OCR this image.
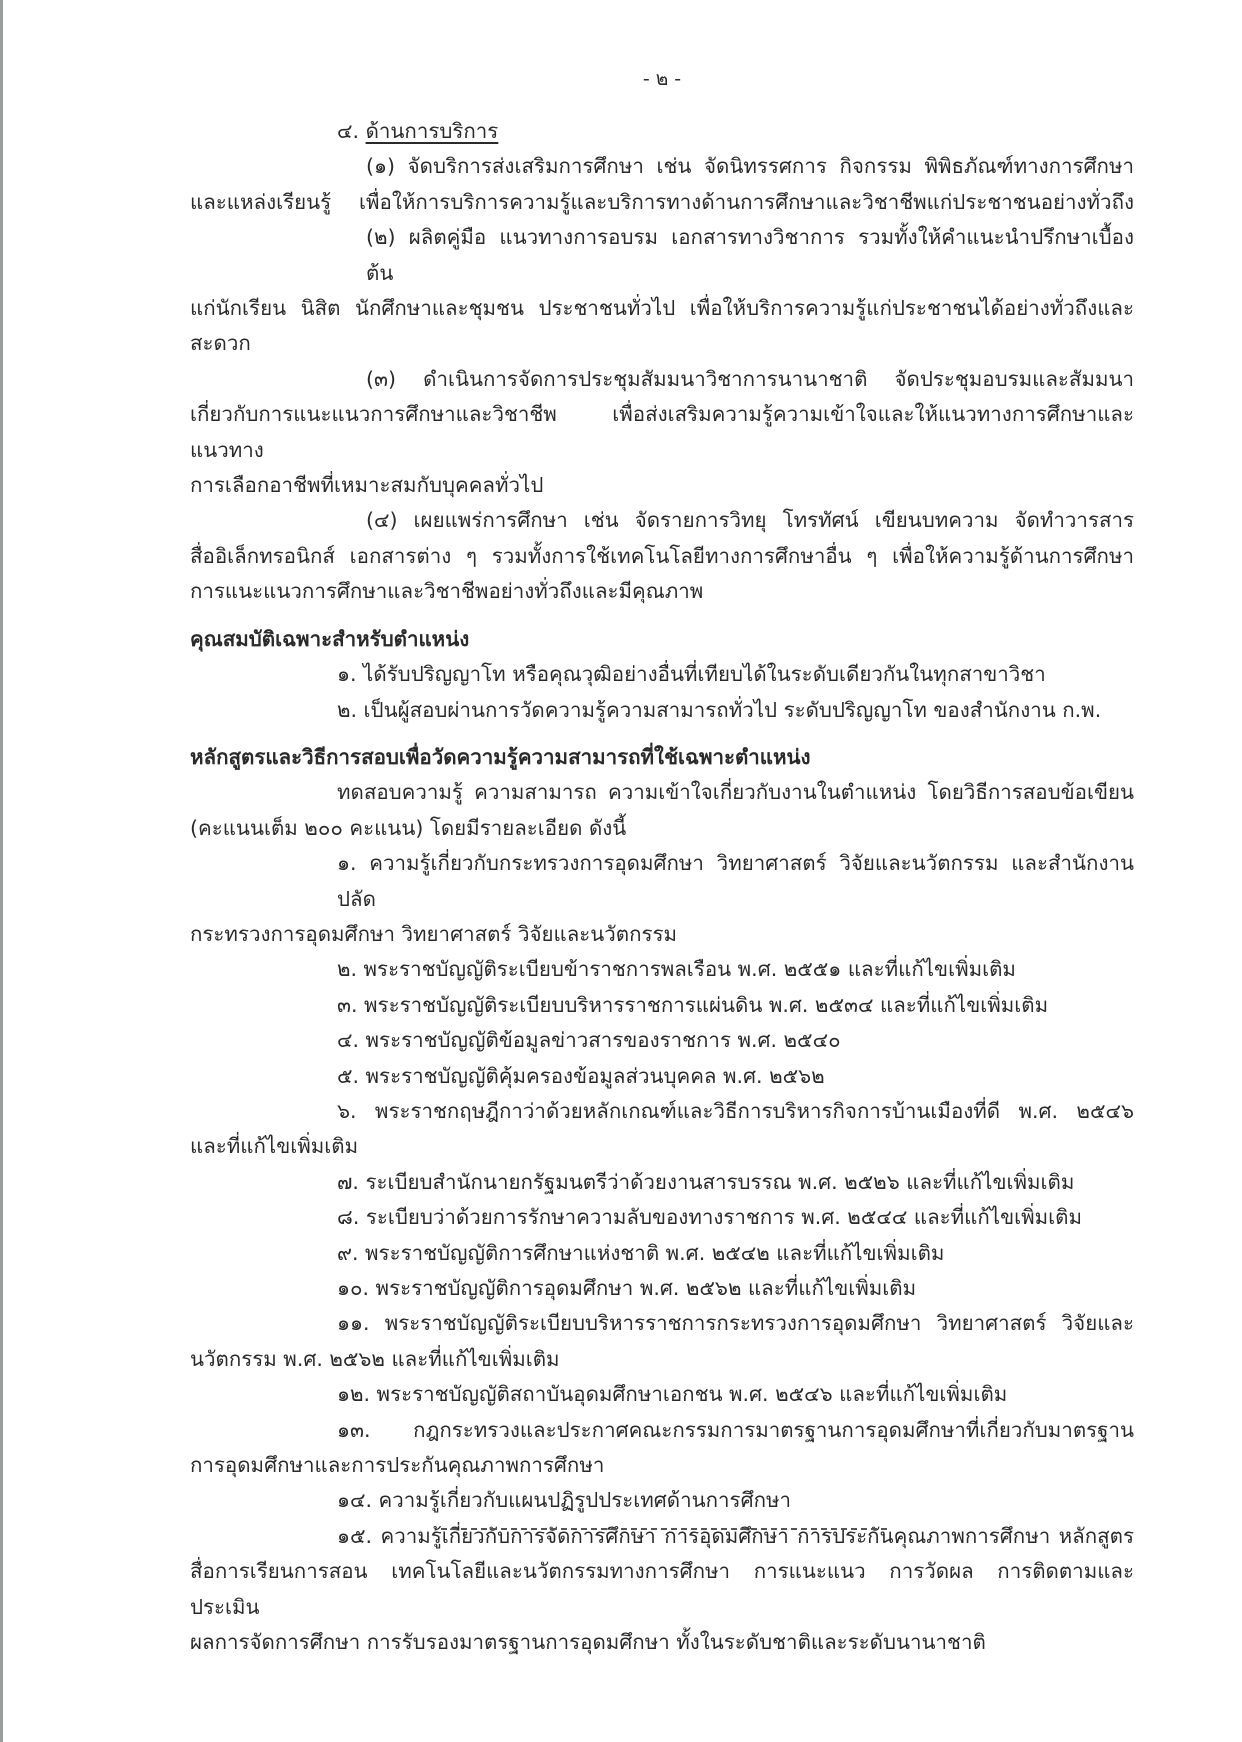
- ๒ -
๔. ด้านการบริการ
(๑) จัดบริการส่งเสริมการศึกษา เช่น จัดนิทรรศการ กิจกรรม พิพิธภัณฑ์ทางการศึกษา
และแหล่งเรียนรู้ เพื่อให้การบริการความรู้และบริการทางด้านการศึกษาและวิชาชีพแก่ประชาชนอย่างทั่วถึง
(๒) ผลิตคู่มือ แนวทางการอบรม เอกสารทางวิชาการ รวมทั้งให้คำแนะนำปรึกษาเบื้องต้น
แก่นักเรียน นิสิต นักศึกษาและชุมชน ประชาชนทั่วไป เพื่อให้บริการความรู้แก่ประชาชนได้อย่างทั่วถึงและสะดวก
(๓) ดำเนินการจัดการประชุมสัมมนาวิชาการนานาชาติ จัดประชุมอบรมและสัมมนา
เกี่ยวกับการแนะแนวการศึกษาและวิชาชีพ เพื่อส่งเสริมความรู้ความเข้าใจและให้แนวทางการศึกษาและแนวทาง
การเลือกอาชีพที่เหมาะสมกับบุคคลทั่วไป
(๔) เผยแพร่การศึกษา เช่น จัดรายการวิทยุ โทรทัศน์ เขียนบทความ จัดทำวารสาร
สื่ออิเล็กทรอนิกส์ เอกสารต่าง ๆ รวมทั้งการใช้เทคโนโลยีทางการศึกษาอื่น ๆ เพื่อให้ความรู้ด้านการศึกษา
การแนะแนวการศึกษาและวิชาชีพอย่างทั่วถึงและมีคุณภาพ
คุณสมบัติเฉพาะสำหรับตำแหน่ง
๑. ได้รับปริญญาโท หรือคุณวุฒิอย่างอื่นที่เทียบได้ในระดับเดียวกันในทุกสาขาวิชา
๒. เป็นผู้สอบผ่านการวัดความรู้ความสามารถทั่วไป ระดับปริญญาโท ของสำนักงาน ก.พ.
หลักสูตรและวิธีการสอบเพื่อวัดความรู้ความสามารถที่ใช้เฉพาะตำแหน่ง
ทดสอบความรู้ ความสามารถ ความเข้าใจเกี่ยวกับงานในตำแหน่ง โดยวิธีการสอบข้อเขียน
(คะแนนเต็ม ๒๐๐ คะแนน) โดยมีรายละเอียด ดังนี้
๑. ความรู้เกี่ยวกับกระทรวงการอุดมศึกษา วิทยาศาสตร์ วิจัยและนวัตกรรม และสำนักงานปลัด
กระทรวงการอุดมศึกษา วิทยาศาสตร์ วิจัยและนวัตกรรม
๒. พระราชบัญญัติระเบียบข้าราชการพลเรือน พ.ศ. ๒๕๕๑ และที่แก้ไขเพิ่มเติม
๓. พระราชบัญญัติระเบียบบริหารราชการแผ่นดิน พ.ศ. ๒๕๓๔ และที่แก้ไขเพิ่มเติม
๔. พระราชบัญญัติข้อมูลข่าวสารของราชการ พ.ศ. ๒๕๔๐
๕. พระราชบัญญัติคุ้มครองข้อมูลส่วนบุคคล พ.ศ. ๒๕๖๒
๖. พระราชกฤษฎีกาว่าด้วยหลักเกณฑ์และวิธีการบริหารกิจการบ้านเมืองที่ดี พ.ศ. ๒๕๔๖
และที่แก้ไขเพิ่มเติม
๗. ระเบียบสำนักนายกรัฐมนตรีว่าด้วยงานสารบรรณ พ.ศ. ๒๕๒๖ และที่แก้ไขเพิ่มเติม
๘. ระเบียบว่าด้วยการรักษาความลับของทางราชการ พ.ศ. ๒๕๔๔ และที่แก้ไขเพิ่มเติม
๙. พระราชบัญญัติการศึกษาแห่งชาติ พ.ศ. ๒๕๔๒ และที่แก้ไขเพิ่มเติม
๑๐. พระราชบัญญัติการอุดมศึกษา พ.ศ. ๒๕๖๒ และที่แก้ไขเพิ่มเติม
๑๑. พระราชบัญญัติระเบียบบริหารราชการกระทรวงการอุดมศึกษา วิทยาศาสตร์ วิจัยและ
นวัตกรรม พ.ศ. ๒๕๖๒ และที่แก้ไขเพิ่มเติม
๑๒. พระราชบัญญัติสถาบันอุดมศึกษาเอกชน พ.ศ. ๒๕๔๖ และที่แก้ไขเพิ่มเติม
๑๓. กฎกระทรวงและประกาศคณะกรรมการมาตรฐานการอุดมศึกษาที่เกี่ยวกับมาตรฐาน
การอุดมศึกษาและการประกันคุณภาพการศึกษา
๑๔. ความรู้เกี่ยวกับแผนปฏิรูปประเทศด้านการศึกษา
๑๕. ความรู้เกี่ยวกับการจัดการศึกษา การอุดมศึกษา การประกันคุณภาพการศึกษา หลักสูตร
สื่อการเรียนการสอน เทคโนโลยีและนวัตกรรมทางการศึกษา การแนะแนว การวัดผล การติดตามและประเมิน
ผลการจัดการศึกษา การรับรองมาตรฐานการอุดมศึกษา ทั้งในระดับชาติและระดับนานาชาติ
